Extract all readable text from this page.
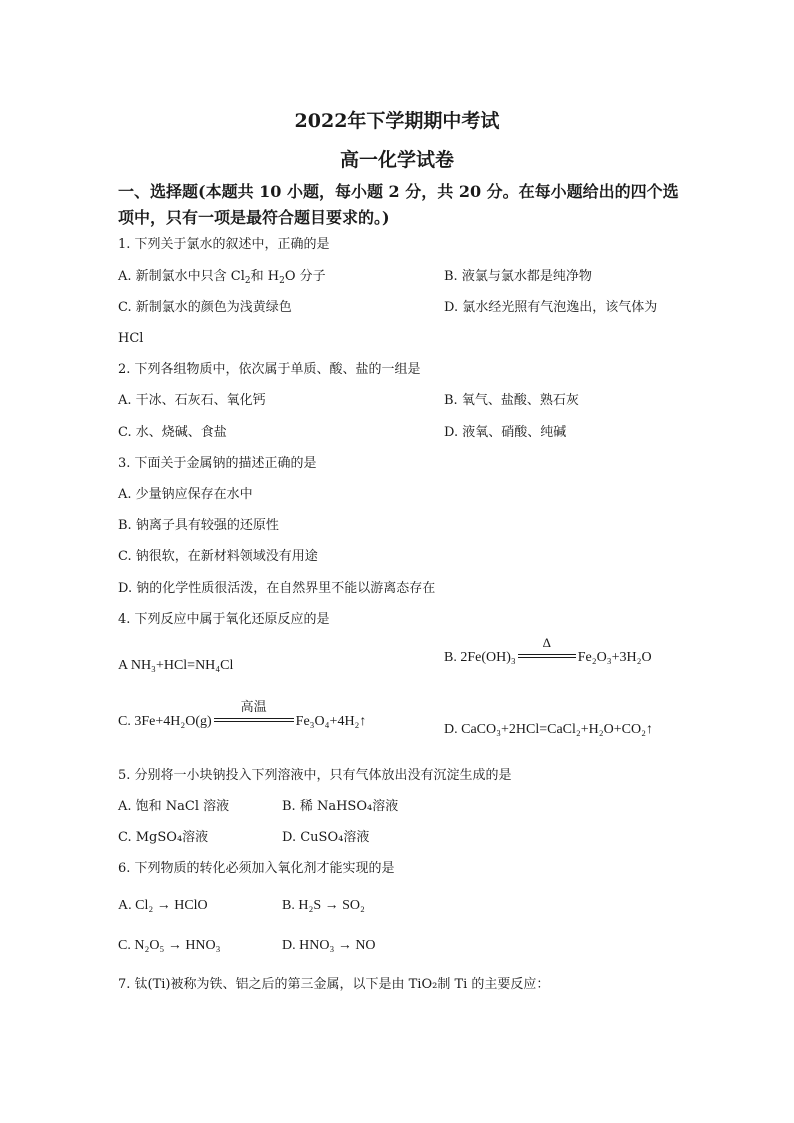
2022年下学期期中考试
高一化学试卷
一、选择题(本题共 10 小题，每小题 2 分，共 20 分。在每小题给出的四个选项中，只有一项是最符合题目要求的。)
1. 下列关于氯水的叙述中，正确的是
A. 新制氯水中只含 $Cl_2$和 $H_2O$ 分子	B. 液氯与氯水都是纯净物
C. 新制氯水的颜色为浅黄绿色	D. 氯水经光照有气泡逸出，该气体为
HCl
2. 下列各组物质中，依次属于单质、酸、盐的一组是
A. 干冰、石灰石、氧化钙	B. 氧气、盐酸、熟石灰
C. 水、烧碱、食盐	D. 液氧、硝酸、纯碱
3. 下面关于金属钠的描述正确的是
A. 少量钠应保存在水中
B. 钠离子具有较强的还原性
C. 钠很软，在新材料领域没有用途
D. 钠的化学性质很活泼，在自然界里不能以游离态存在
4. 下列反应中属于氧化还原反应的是
A NH₃+HCl=NH₄Cl
B. 2Fe(OH)₃
Δ
Fe₂O₃+3H₂O
C. 3Fe+4H₂O(g)
高温
Fe₃O₄+4H₂↑
D. CaCO₃+2HCl=CaCl₂+H₂O+CO₂↑
5. 分别将一小块钠投入下列溶液中，只有气体放出没有沉淀生成的是
A. 饱和 NaCl 溶液	B. 稀 NaHSO₄溶液
C. MgSO₄溶液	D. CuSO₄溶液
6. 下列物质的转化必须加入氧化剂才能实现的是
A. Cl₂ → HClO	B. H₂S → SO₂
C. N₂O₅ → HNO₃	D. HNO₃ → NO
7. 钛(Ti)被称为铁、铝之后的第三金属，以下是由 TiO₂制 Ti 的主要反应：
